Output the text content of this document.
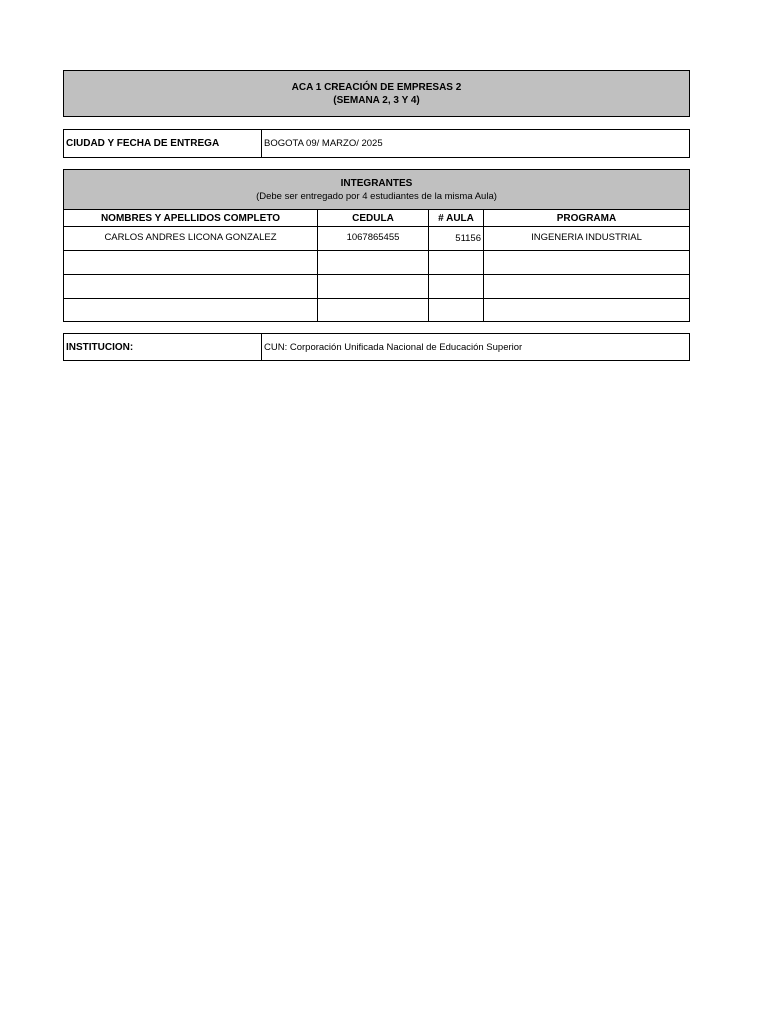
ACA 1 CREACIÓN DE EMPRESAS 2
(SEMANA 2, 3 Y 4)
CIUDAD Y FECHA DE ENTREGA	BOGOTA 09/ MARZO/ 2025
INTEGRANTES
(Debe ser entregado por 4 estudiantes de la misma Aula)
NOMBRES Y APELLIDOS COMPLETO	CEDULA	# AULA	PROGRAMA
CARLOS ANDRES LICONA GONZALEZ	1067865455	51156	INGENERIA INDUSTRIAL
INSTITUCION:	CUN: Corporación Unificada Nacional de Educación Superior
